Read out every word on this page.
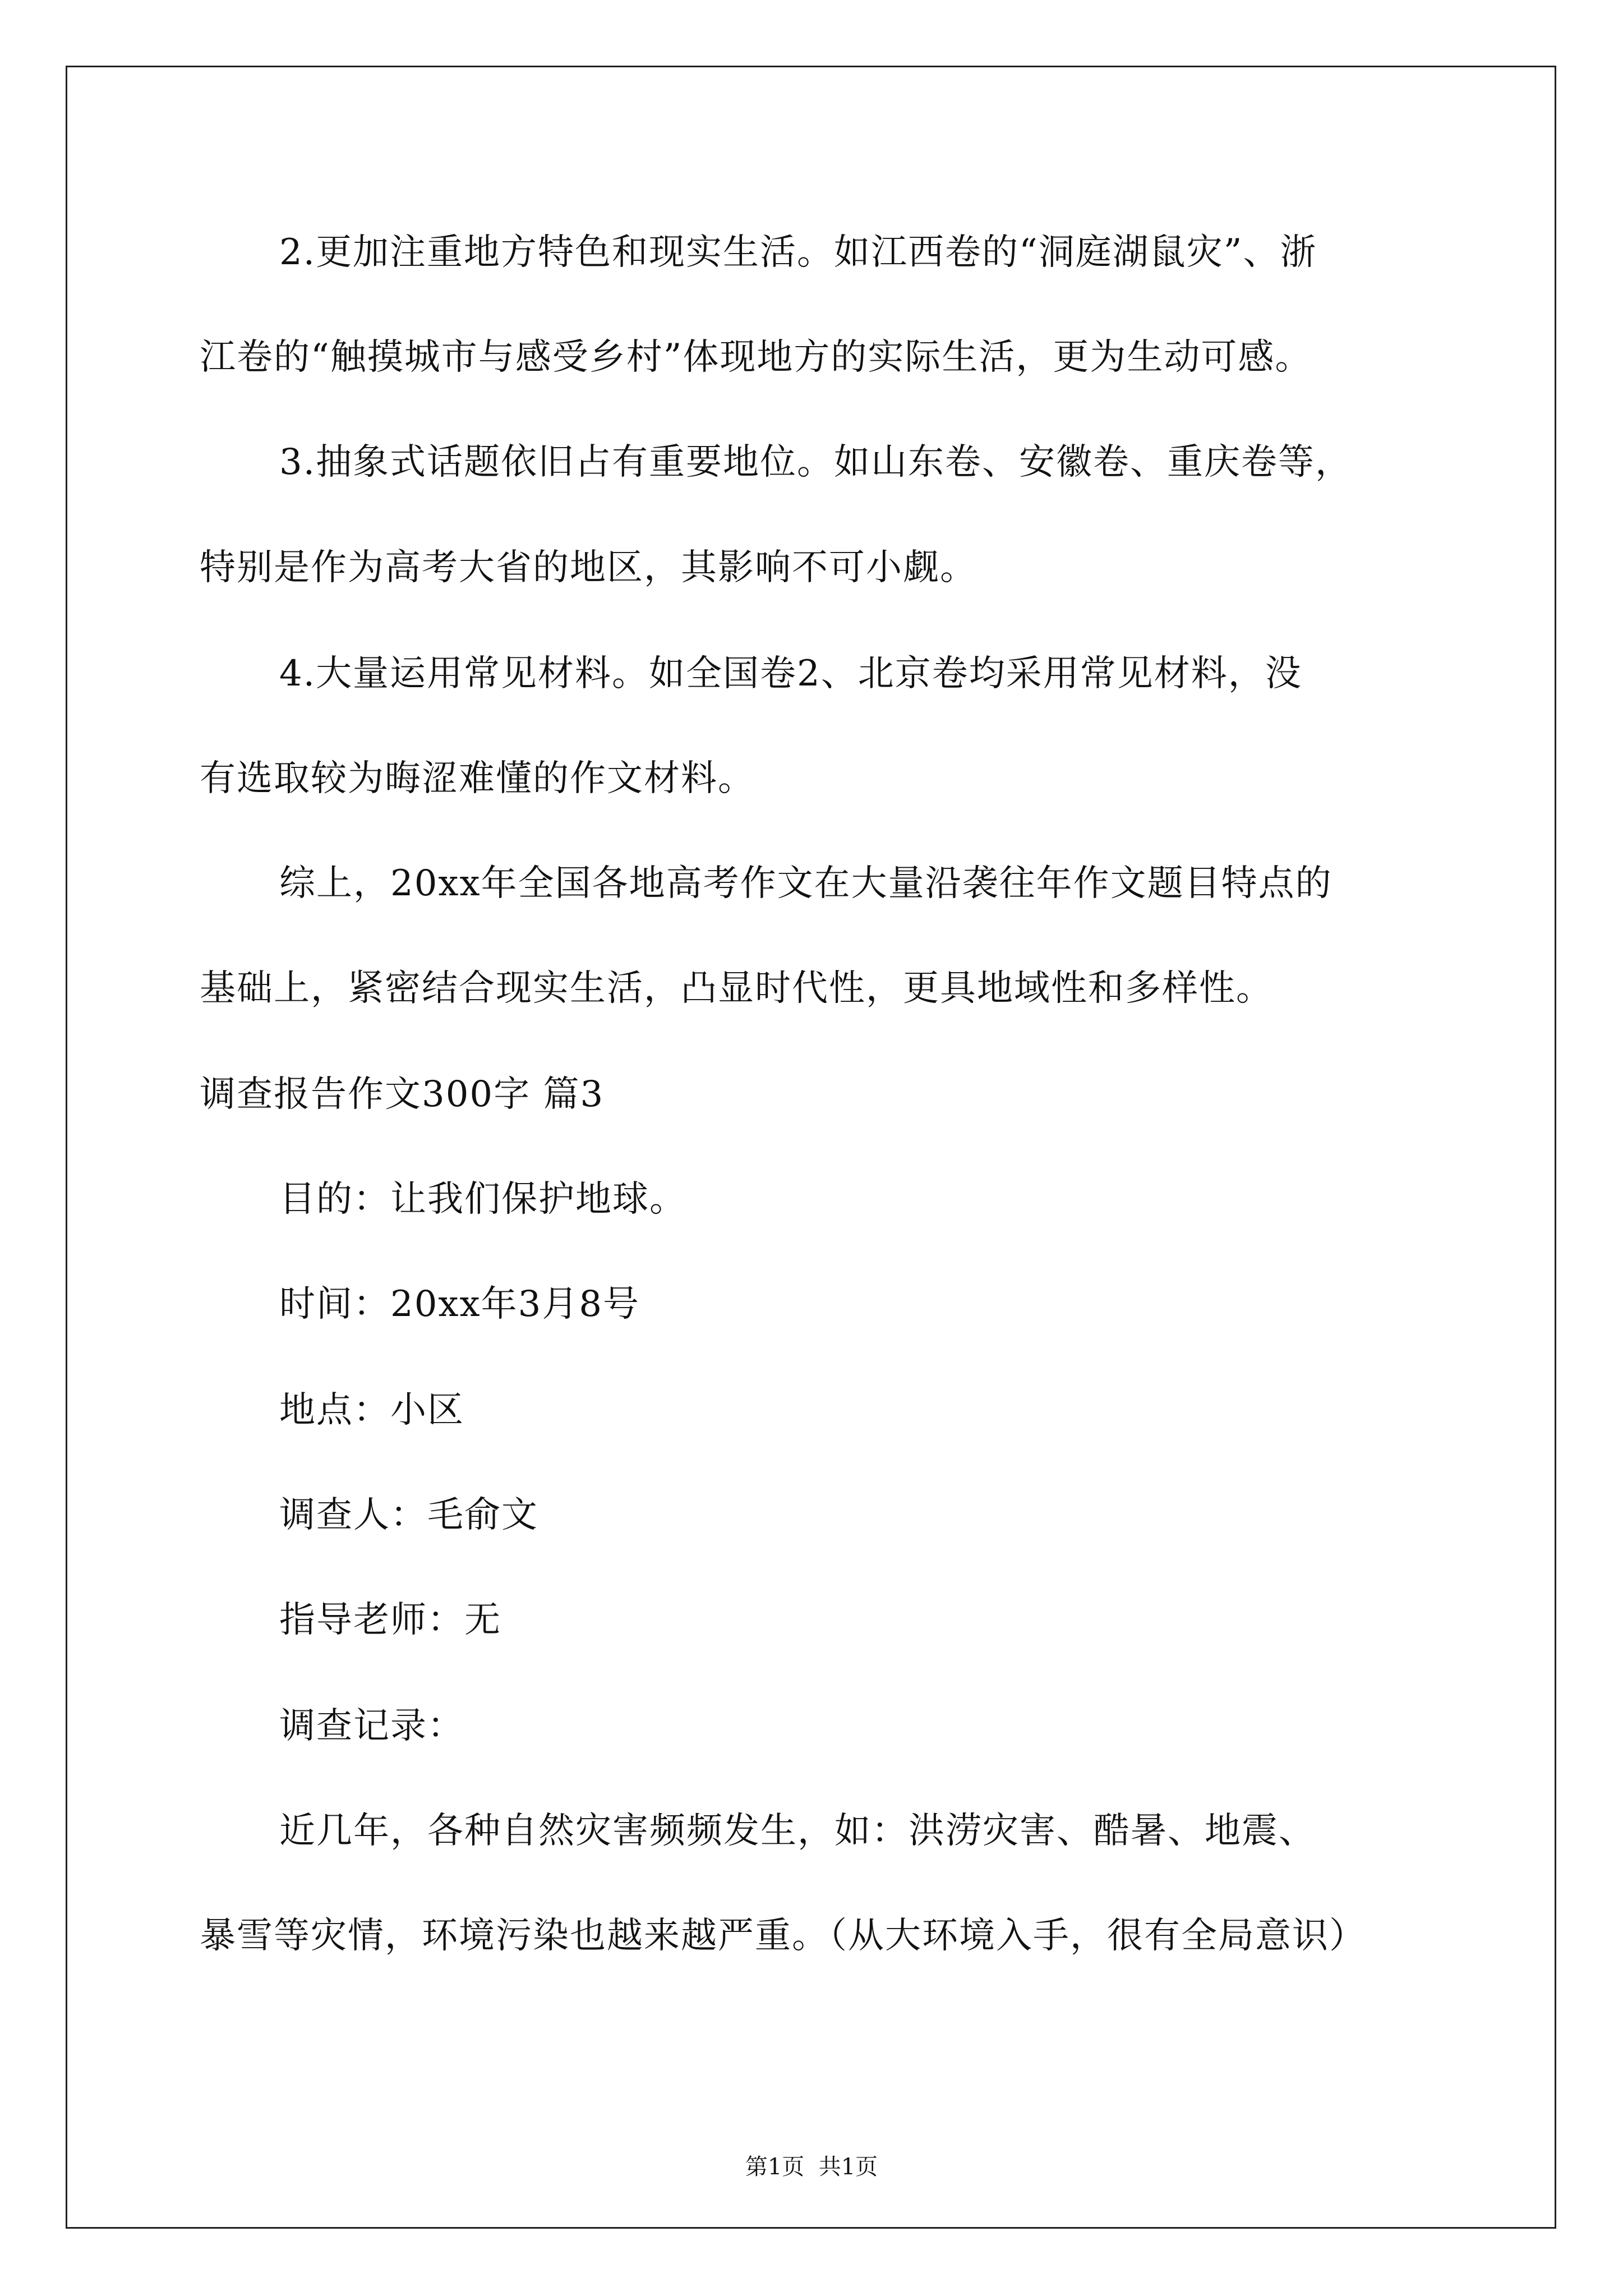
2.更加注重地方特色和现实生活。如江西卷的“洞庭湖鼠灾”、浙
江卷的“触摸城市与感受乡村”体现地方的实际生活，更为生动可感。
3.抽象式话题依旧占有重要地位。如山东卷、安徽卷、重庆卷等，
特别是作为高考大省的地区，其影响不可小觑。
4.大量运用常见材料。如全国卷2、北京卷均采用常见材料，没
有选取较为晦涩难懂的作文材料。
综上，20xx年全国各地高考作文在大量沿袭往年作文题目特点的
基础上，紧密结合现实生活，凸显时代性，更具地域性和多样性。
调查报告作文300字 篇3
目的：让我们保护地球。
时间：20xx年3月8号
地点：小区
调查人：毛俞文
指导老师：无
调查记录：
近几年，各种自然灾害频频发生，如：洪涝灾害、酷暑、地震、
暴雪等灾情，环境污染也越来越严重。（从大环境入手，很有全局意识）
第1页  共1页
